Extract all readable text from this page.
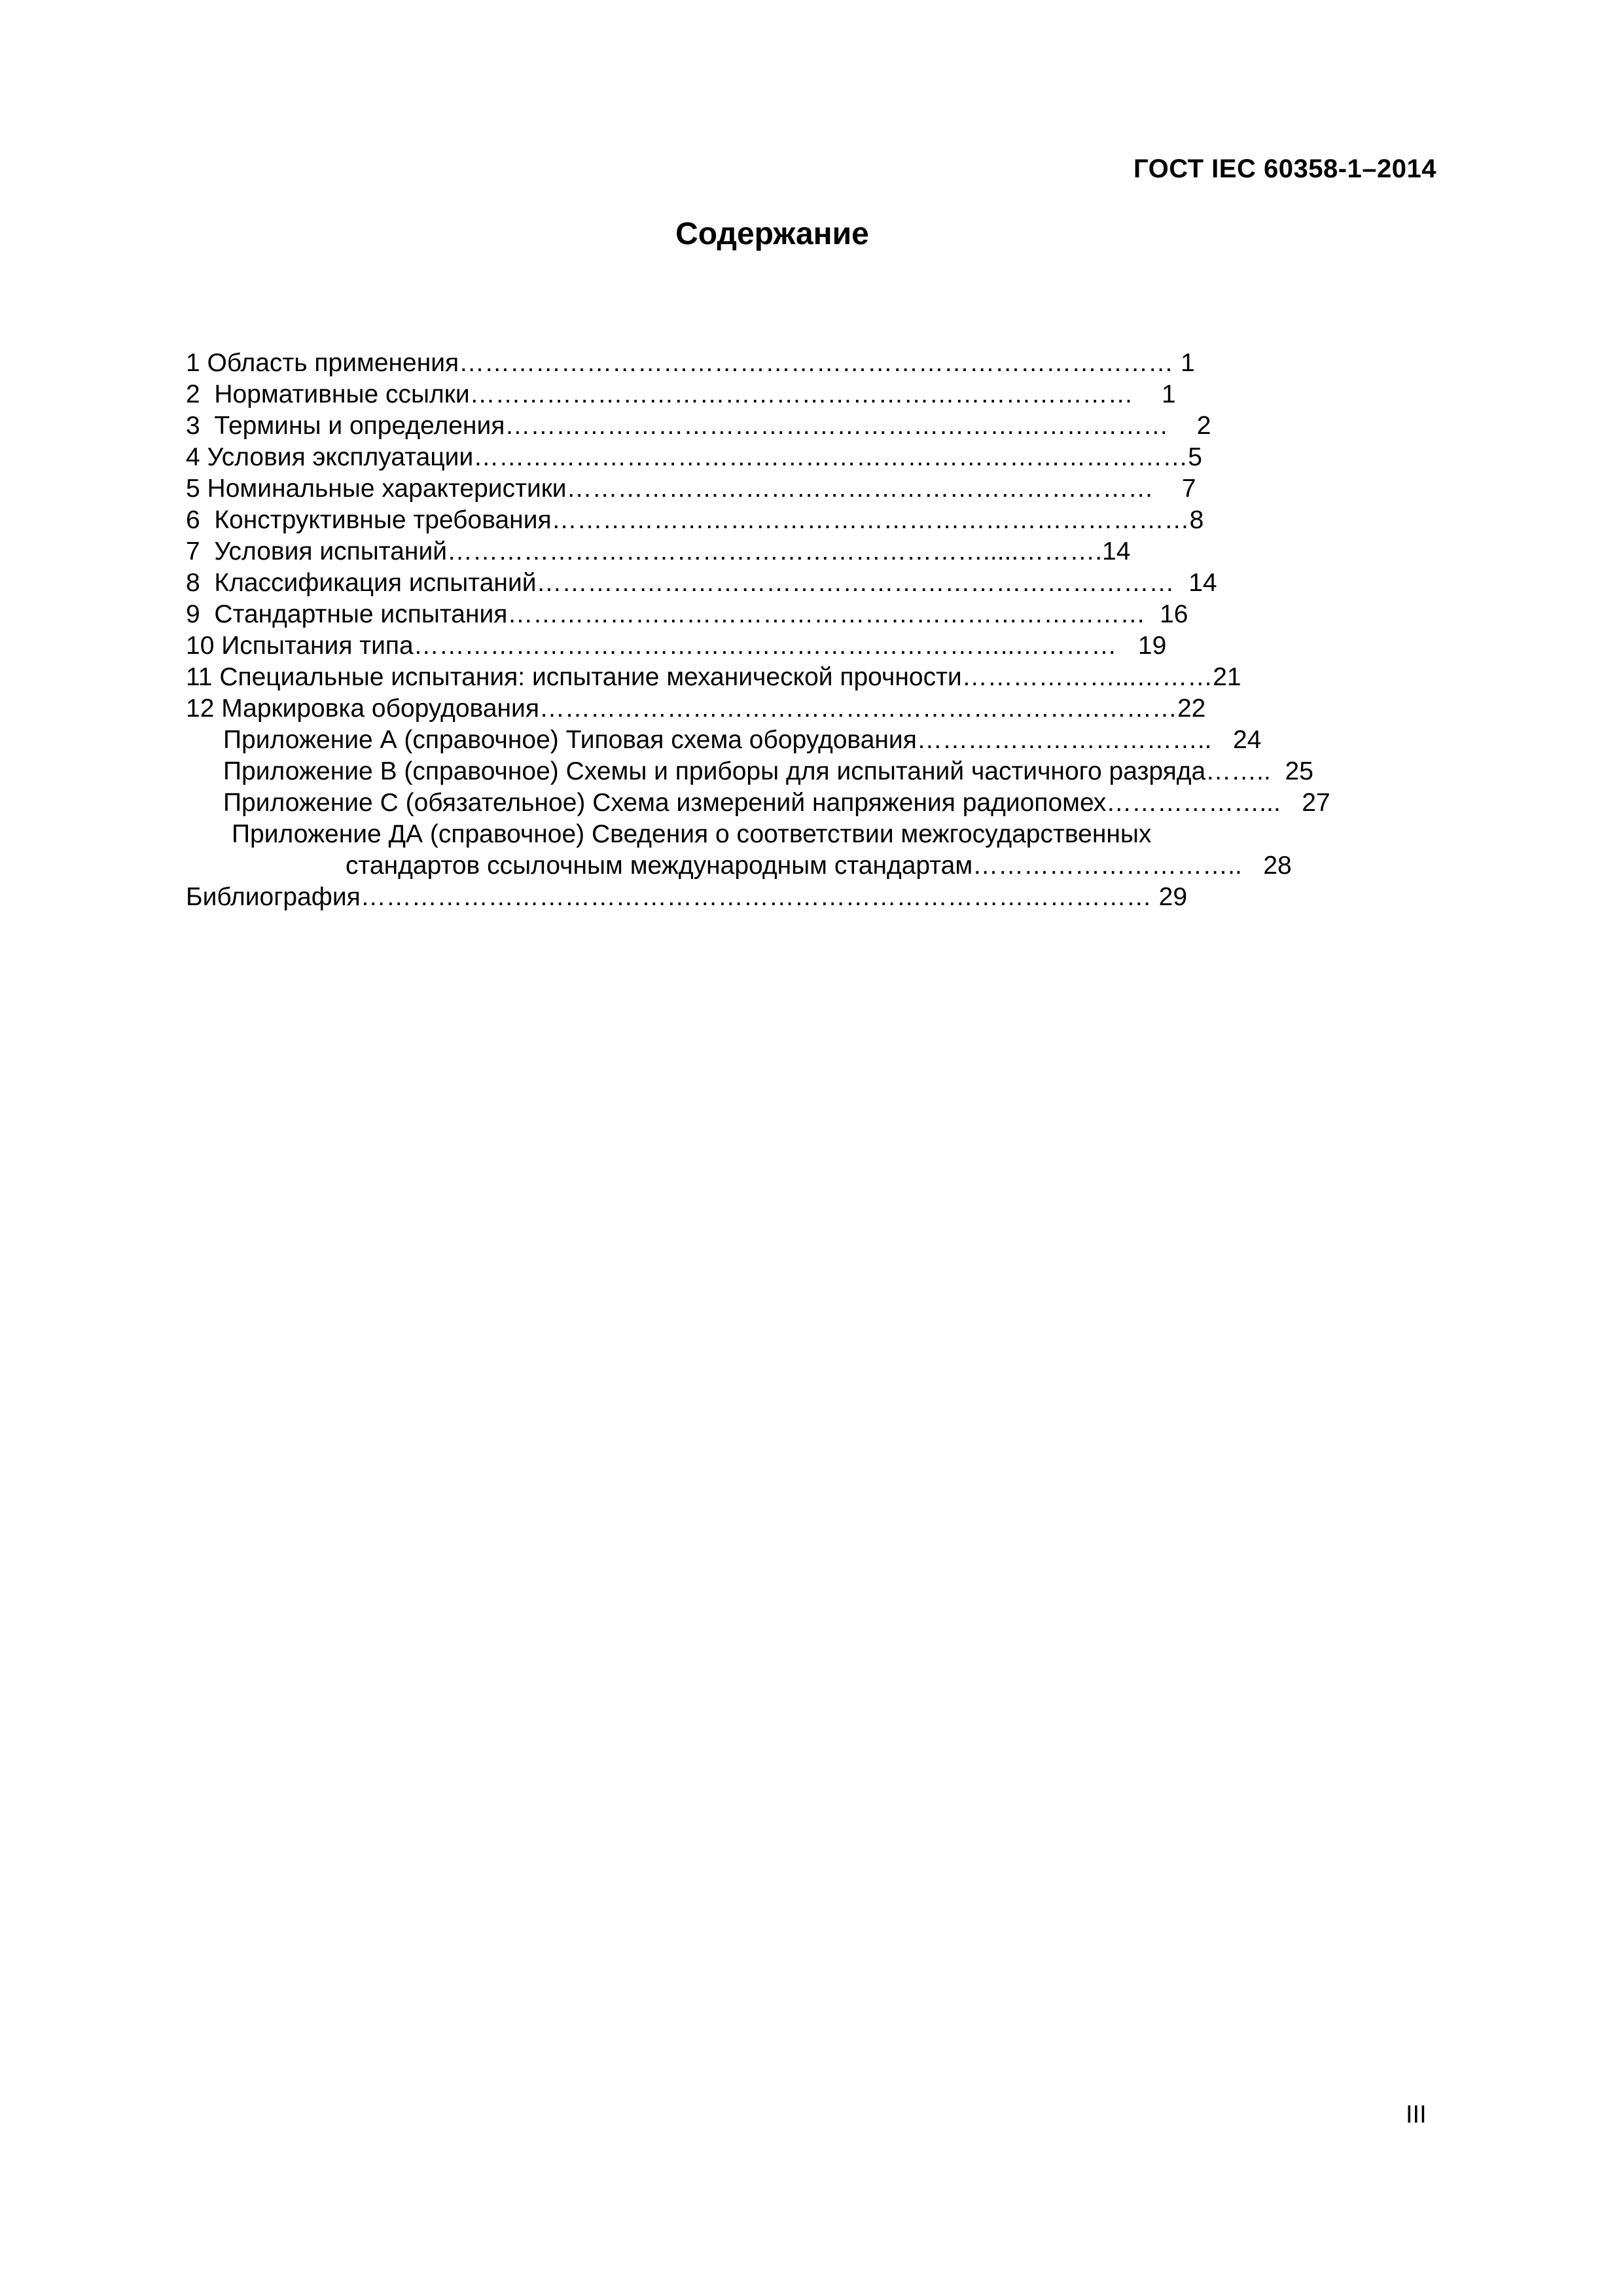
ГОСТ IEC 60358-1–2014
Содержание
1 Область применения………………………………………………………………………… 1
2  Нормативные ссылки……………………………………………………………………    1
3  Термины и определения……………………………………………………………………    2
4 Условия эксплуатации…………………………………………………………………………5
5 Номинальные характеристики……………………………………………………………    7
6  Конструктивные требования…………………………………………………………………8
7  Условия испытаний……………………………………………………….....……….14
8  Классификация испытаний…………………………………………………………………  14
9  Стандартные испытания…………………………………………………………………  16
10 Испытания типа……………………………………………………………..…………   19
11 Специальные испытания: испытание механической прочности………………...………21
12 Маркировка оборудования…………………………………………………………………22
Приложение А (справочное) Типовая схема оборудования……………………………..   24
Приложение В (справочное) Схемы и приборы для испытаний частичного разряда……..  25
Приложение С (обязательное) Схема измерений напряжения радиопомех………………...   27
Приложение ДА (справочное) Сведения о соответствии межгосударственных
стандартов ссылочным международным стандартам…………………………..   28
Библиография………………………………………………………………………………… 29
III
